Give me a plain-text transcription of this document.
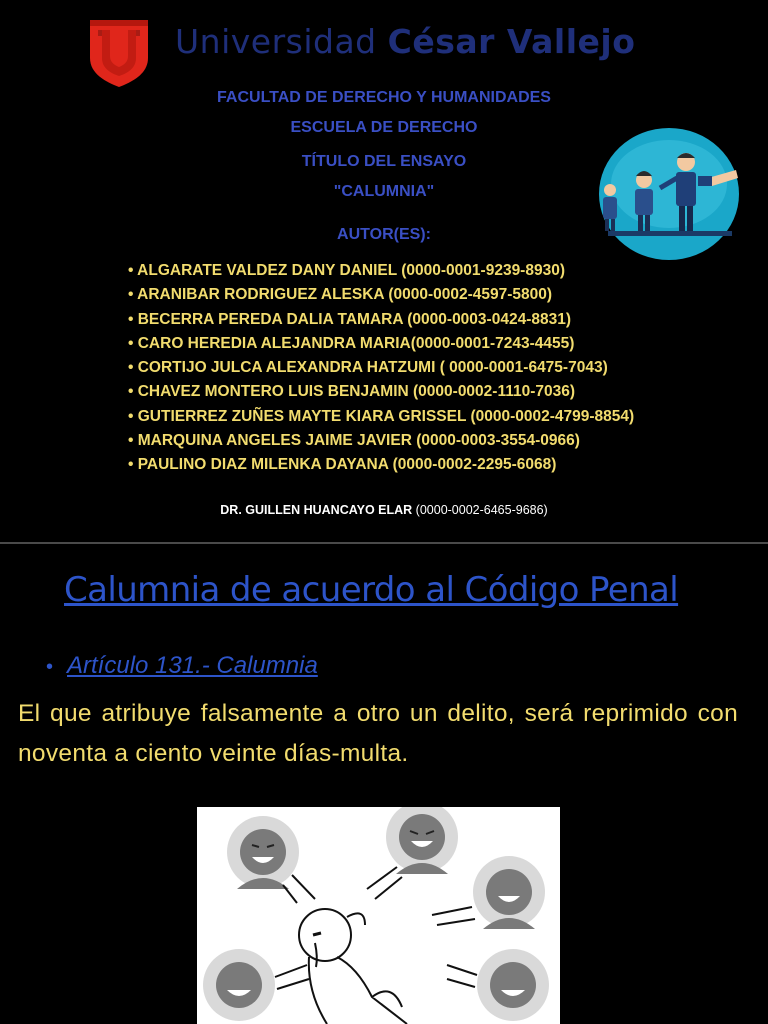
Universidad César Vallejo
FACULTAD DE DERECHO Y HUMANIDADES
ESCUELA DE DERECHO
TÍTULO DEL ENSAYO
"CALUMNIA"
AUTOR(ES):
• ALGARATE VALDEZ DANY DANIEL (0000-0001-9239-8930)
• ARANIBAR RODRIGUEZ ALESKA (0000-0002-4597-5800)
• BECERRA PEREDA DALIA TAMARA (0000-0003-0424-8831)
• CARO HEREDIA ALEJANDRA MARIA(0000-0001-7243-4455)
• CORTIJO JULCA ALEXANDRA HATZUMI ( 0000-0001-6475-7043)
• CHAVEZ MONTERO LUIS BENJAMIN (0000-0002-1110-7036)
• GUTIERREZ ZUÑES MAYTE KIARA GRISSEL (0000-0002-4799-8854)
• MARQUINA ANGELES JAIME JAVIER (0000-0003-3554-0966)
• PAULINO DIAZ MILENKA DAYANA (0000-0002-2295-6068)
DR. GUILLEN HUANCAYO ELAR (0000-0002-6465-9686)
Calumnia de acuerdo al Código Penal
• Artículo 131.- Calumnia
El que atribuye falsamente a otro un delito, será reprimido con noventa a ciento veinte días-multa.
